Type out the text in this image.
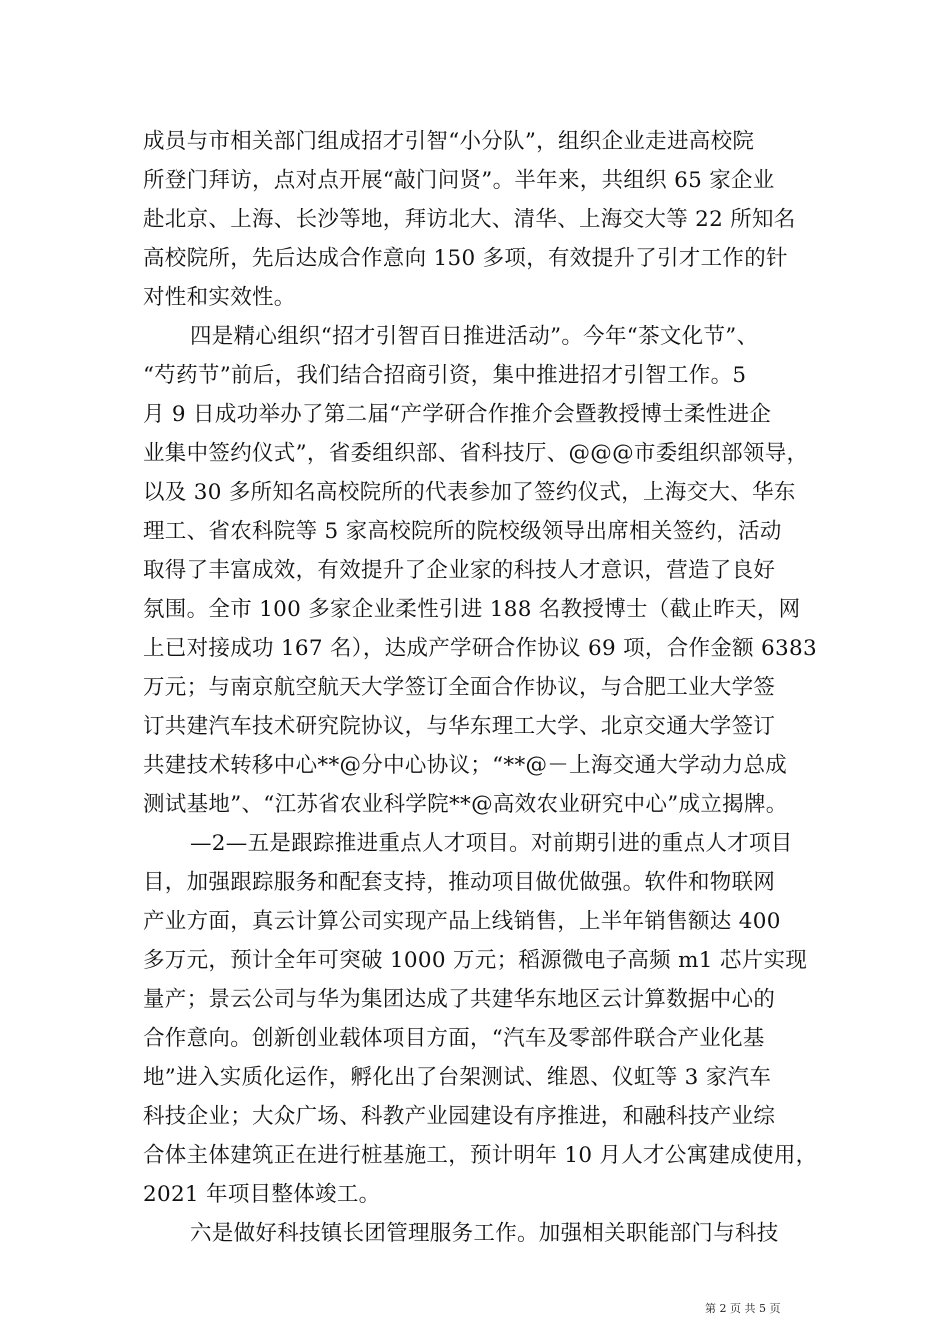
成员与市相关部门组成招才引智“小分队”，组织企业走进高校院
所登门拜访，点对点开展“敲门问贤”。半年来，共组织 65 家企业
赴北京、上海、长沙等地，拜访北大、清华、上海交大等 22 所知名
高校院所，先后达成合作意向 150 多项，有效提升了引才工作的针
对性和实效性。
四是精心组织“招才引智百日推进活动”。今年“茶文化节”、
“芍药节”前后，我们结合招商引资，集中推进招才引智工作。5
月 9 日成功举办了第二届“产学研合作推介会暨教授博士柔性进企
业集中签约仪式”，省委组织部、省科技厅、@@@市委组织部领导，
以及 30 多所知名高校院所的代表参加了签约仪式，上海交大、华东
理工、省农科院等 5 家高校院所的院校级领导出席相关签约，活动
取得了丰富成效，有效提升了企业家的科技人才意识，营造了良好
氛围。全市 100 多家企业柔性引进 188 名教授博士（截止昨天，网
上已对接成功 167 名），达成产学研合作协议 69 项，合作金额 6383
万元；与南京航空航天大学签订全面合作协议，与合肥工业大学签
订共建汽车技术研究院协议，与华东理工大学、北京交通大学签订
共建技术转移中心**@分中心协议；“**@－上海交通大学动力总成
测试基地”、“江苏省农业科学院**@高效农业研究中心”成立揭牌。
—2—五是跟踪推进重点人才项目。对前期引进的重点人才项目
目，加强跟踪服务和配套支持，推动项目做优做强。软件和物联网
产业方面，真云计算公司实现产品上线销售，上半年销售额达 400
多万元，预计全年可突破 1000 万元；稻源微电子高频 m1 芯片实现
量产；景云公司与华为集团达成了共建华东地区云计算数据中心的
合作意向。创新创业载体项目方面，“汽车及零部件联合产业化基
地”进入实质化运作，孵化出了台架测试、维恩、仪虹等 3 家汽车
科技企业；大众广场、科教产业园建设有序推进，和融科技产业综
合体主体建筑正在进行桩基施工，预计明年 10 月人才公寓建成使用，
2021 年项目整体竣工。
六是做好科技镇长团管理服务工作。加强相关职能部门与科技
第 2 页 共 5 页
